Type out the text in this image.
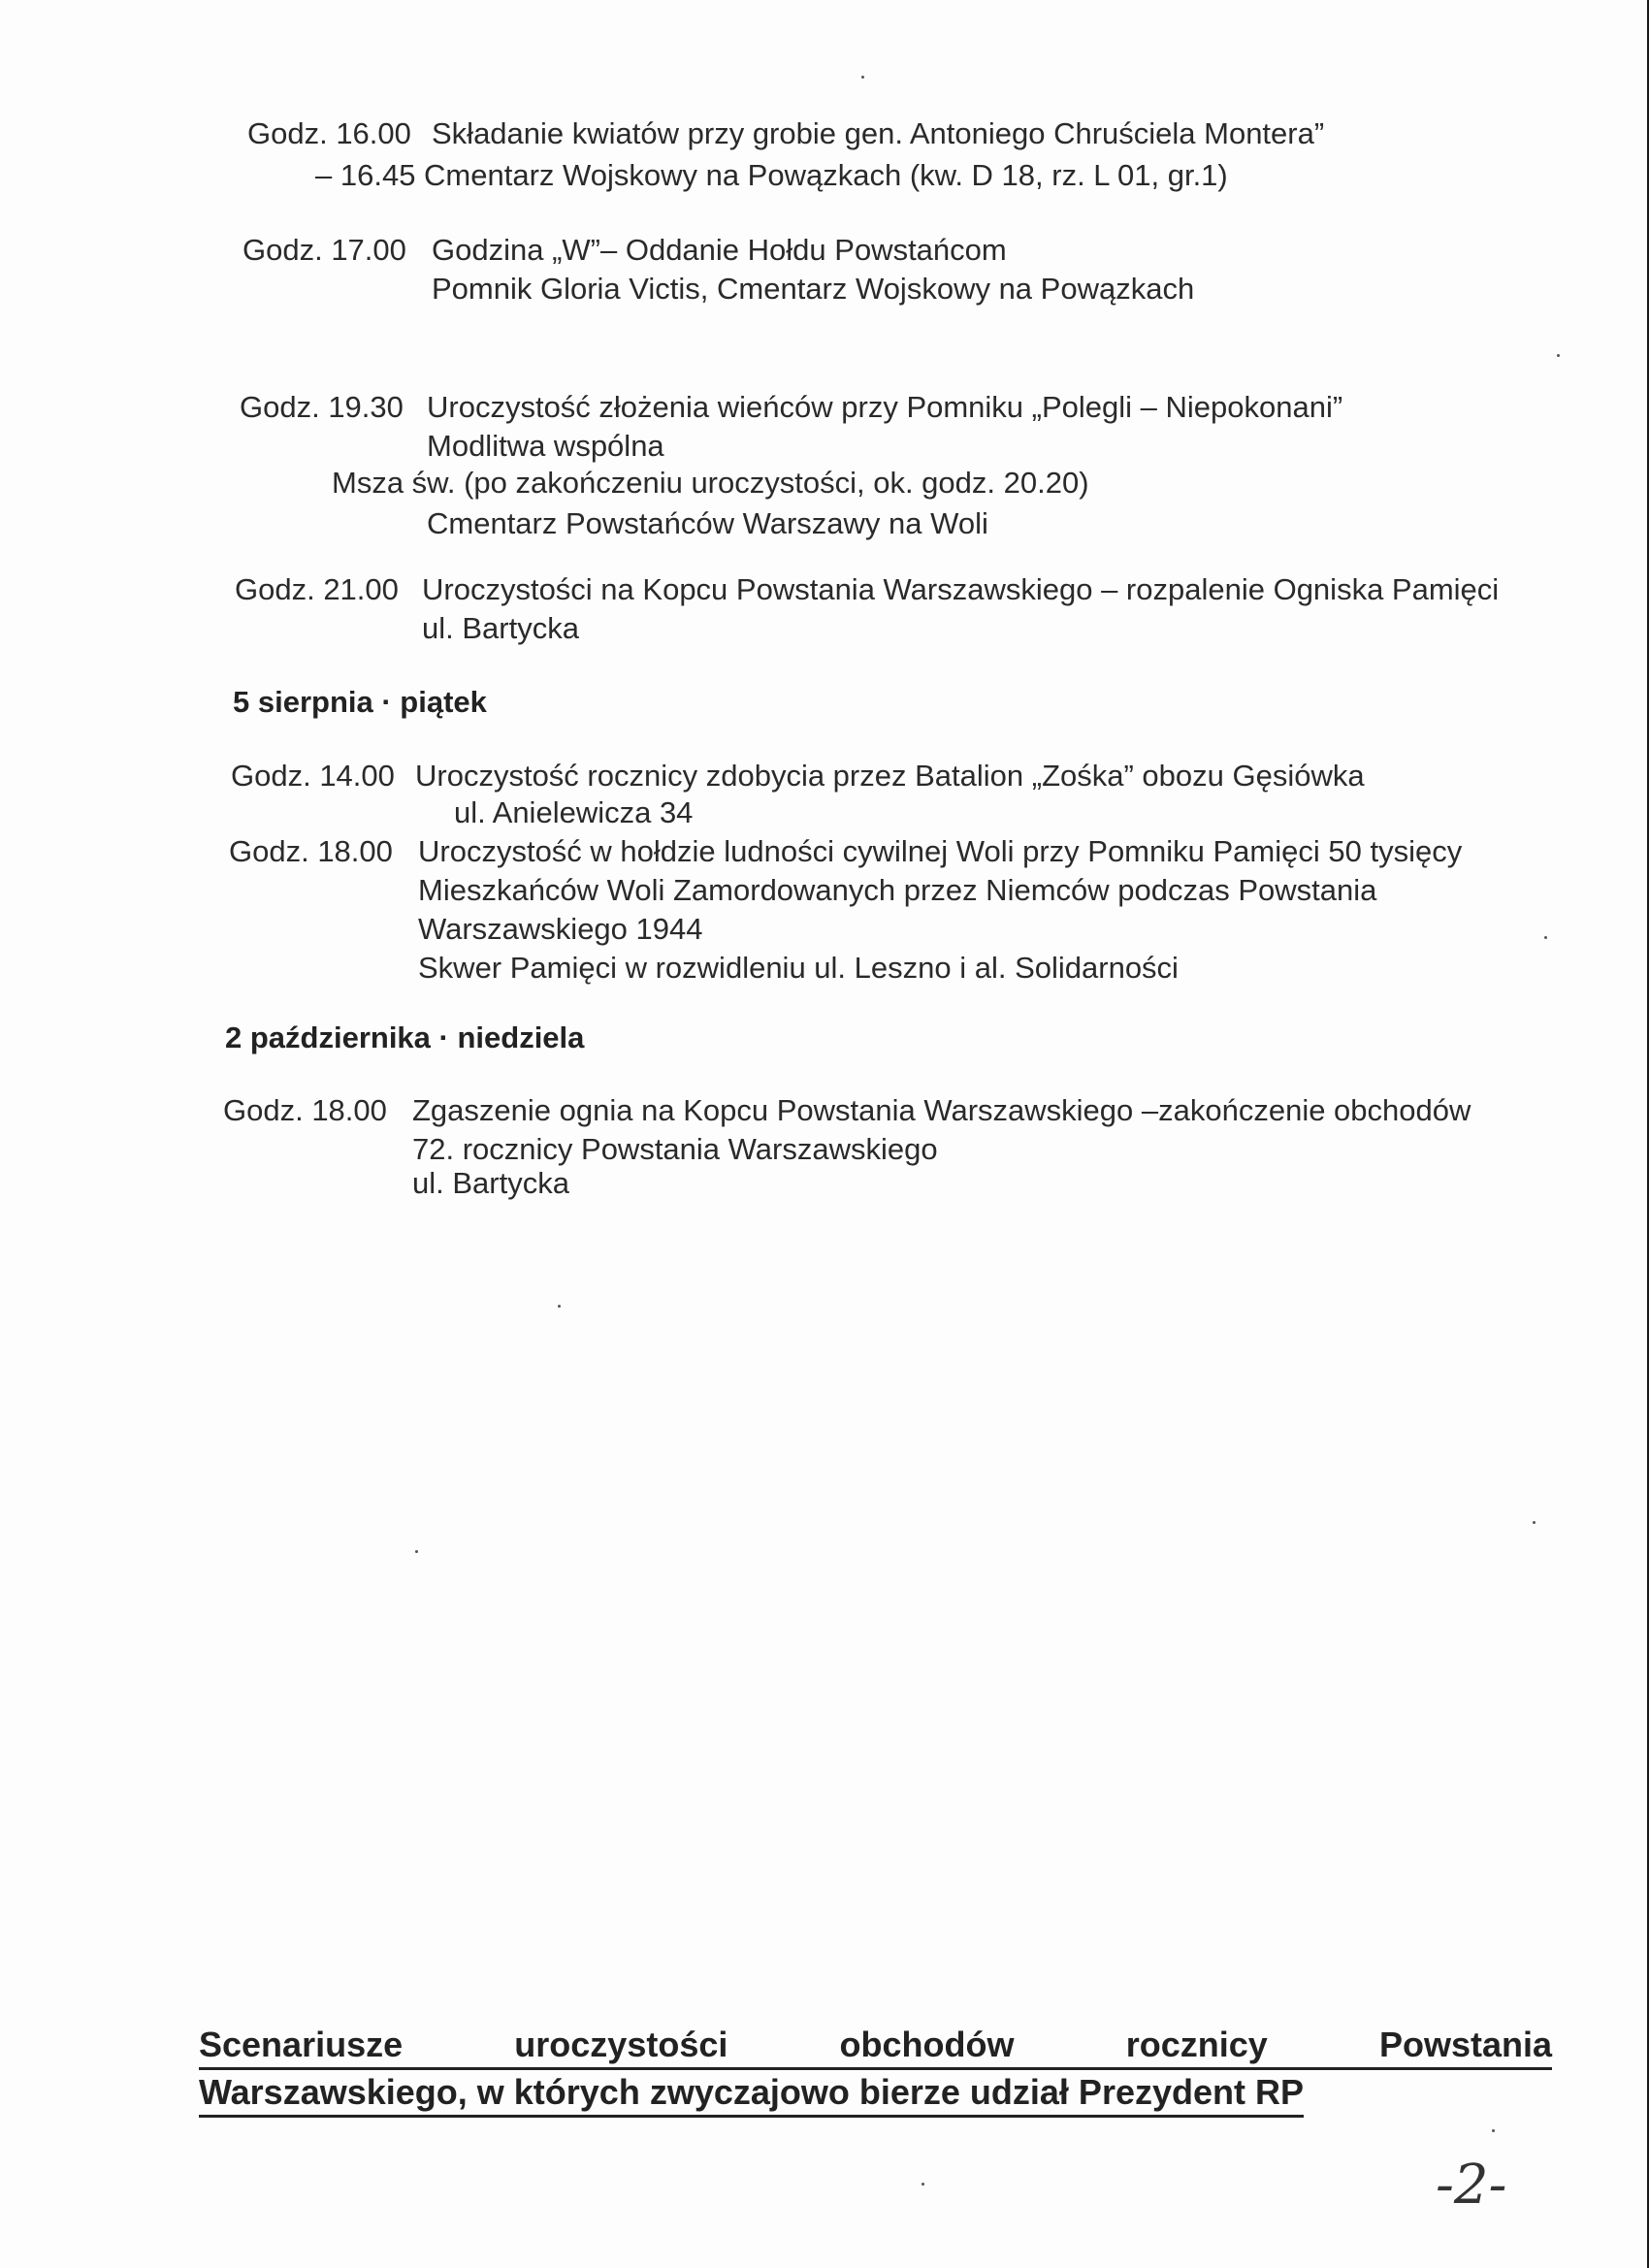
Godz. 16.00 Składanie kwiatów przy grobie gen. Antoniego Chruściela Montera”
– 16.45 Cmentarz Wojskowy na Powązkach (kw. D 18, rz. L 01, gr.1)
Godz. 17.00 Godzina „W”– Oddanie Hołdu Powstańcom
Pomnik Gloria Victis, Cmentarz Wojskowy na Powązkach
Godz. 19.30 Uroczystość złożenia wieńców przy Pomniku „Polegli – Niepokonani”
Modlitwa wspólna
Msza św. (po zakończeniu uroczystości, ok. godz. 20.20)
Cmentarz Powstańców Warszawy na Woli
Godz. 21.00 Uroczystości na Kopcu Powstania Warszawskiego – rozpalenie Ogniska Pamięci
ul. Bartycka
5 sierpnia · piątek
Godz. 14.00 Uroczystość rocznicy zdobycia przez Batalion „Zośka” obozu Gęsiówka
ul. Anielewicza 34
Godz. 18.00 Uroczystość w hołdzie ludności cywilnej Woli przy Pomniku Pamięci 50 tysięcy
Mieszkańców Woli Zamordowanych przez Niemców podczas Powstania
Warszawskiego 1944
Skwer Pamięci w rozwidleniu ul. Leszno i al. Solidarności
2 października · niedziela
Godz. 18.00 Zgaszenie ognia na Kopcu Powstania Warszawskiego –zakończenie obchodów
72. rocznicy Powstania Warszawskiego
ul. Bartycka
Scenariusze uroczystości obchodów rocznicy Powstania
Warszawskiego, w których zwyczajowo bierze udział Prezydent RP
-2-
